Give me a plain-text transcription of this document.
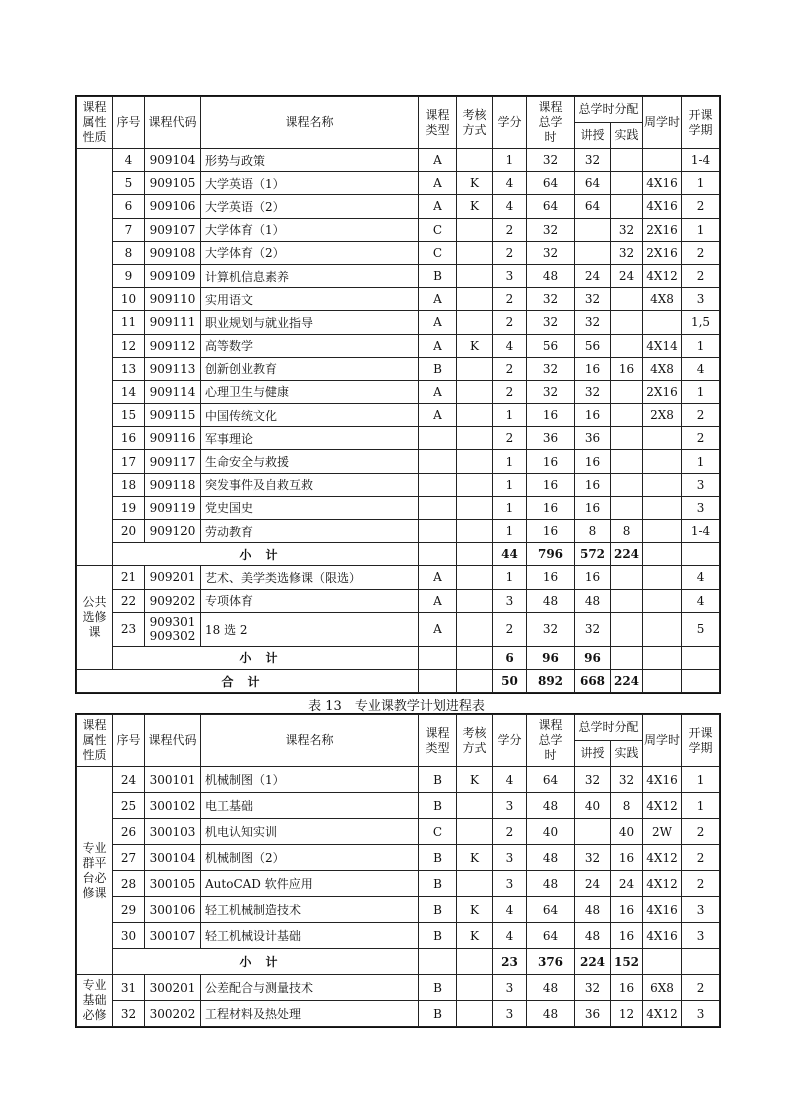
课程
属性
性质	序号	课程代码	课程名称	课程
类型	考核
方式	学分	课程
总学
时	总学时分配		周学时	开课
学期
								讲授	实践		
	4	909104	形势与政策	A		1	32	32			1-4
	5	909105	大学英语（1）	A	K	4	64	64		4X16	1
	6	909106	大学英语（2）	A	K	4	64	64		4X16	2
	7	909107	大学体育（1）	C		2	32		32	2X16	1
	8	909108	大学体育（2）	C		2	32		32	2X16	2
	9	909109	计算机信息素养	B		3	48	24	24	4X12	2
	10	909110	实用语文	A		2	32	32		4X8	3
	11	909111	职业规划与就业指导	A		2	32	32			1,5
	12	909112	高等数学	A	K	4	56	56		4X14	1
	13	909113	创新创业教育	B		2	32	16	16	4X8	4
	14	909114	心理卫生与健康	A		2	32	32		2X16	1
	15	909115	中国传统文化	A		1	16	16		2X8	2
	16	909116	军事理论			2	36	36			2
	17	909117	生命安全与救援			1	16	16			1
	18	909118	突发事件及自救互救			1	16	16			3
	19	909119	党史国史			1	16	16			3
	20	909120	劳动教育			1	16	8	8		1-4
	小计					44	796	572	224		
公共
选修
课	21	909201	艺术、美学类选修课（限选）	A		1	16	16			4
	22	909202	专项体育	A		3	48	48			4
	23	909301
909302	18 选 2	A		2	32	32			5
	小计					6	96	96			
合计						50	892	668	224		
表 13　专业课教学计划进程表
课程
属性
性质	序号	课程代码	课程名称	课程
类型	考核
方式	学分	课程
总学
时	总学时分配		周学时	开课
学期
								讲授	实践		
专业
群平
台必
修课	24	300101	机械制图（1）	B	K	4	64	32	32	4X16	1
	25	300102	电工基础	B		3	48	40	8	4X12	1
	26	300103	机电认知实训	C		2	40		40	2W	2
	27	300104	机械制图（2）	B	K	3	48	32	16	4X12	2
	28	300105	AutoCAD 软件应用	B		3	48	24	24	4X12	2
	29	300106	轻工机械制造技术	B	K	4	64	48	16	4X16	3
	30	300107	轻工机械设计基础	B	K	4	64	48	16	4X16	3
	小计					23	376	224	152		
专业
基础
必修	31	300201	公差配合与测量技术	B		3	48	32	16	6X8	2
	32	300202	工程材料及热处理	B		3	48	36	12	4X12	3
